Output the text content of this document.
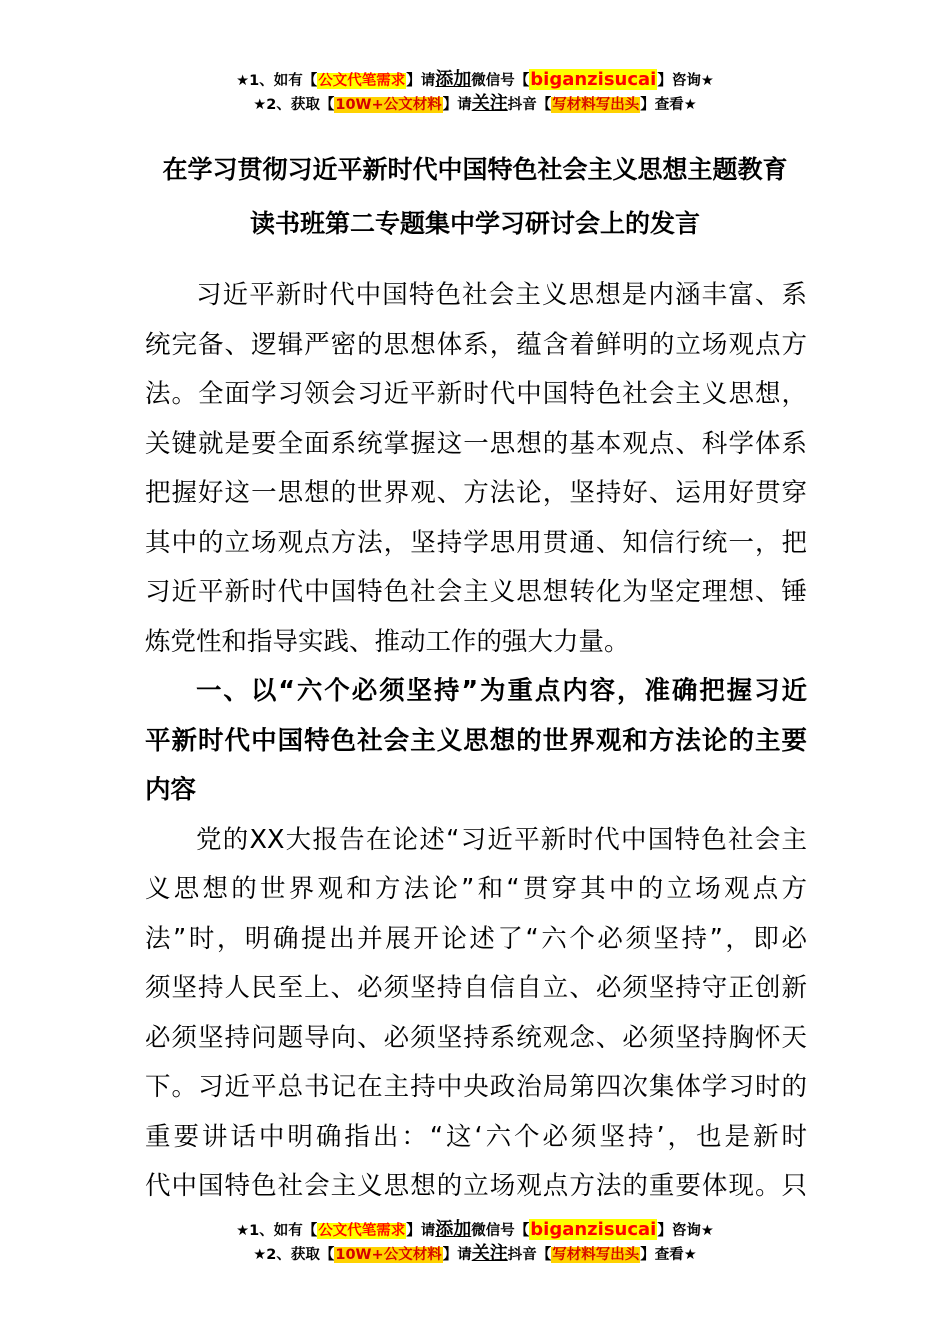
★1、如有【公文代笔需求】请添加微信号【biganzisucai】咨询★
★2、获取【10W+公文材料】请关注抖音【写材料写出头】查看★
在学习贯彻习近平新时代中国特色社会主义思想主题教育
读书班第二专题集中学习研讨会上的发言
习近平新时代中国特色社会主义思想是内涵丰富、系
统完备、逻辑严密的思想体系，蕴含着鲜明的立场观点方
法。全面学习领会习近平新时代中国特色社会主义思想，
关键就是要全面系统掌握这一思想的基本观点、科学体系
把握好这一思想的世界观、方法论，坚持好、运用好贯穿
其中的立场观点方法，坚持学思用贯通、知信行统一，把
习近平新时代中国特色社会主义思想转化为坚定理想、锤
炼党性和指导实践、推动工作的强大力量。
一、以“六个必须坚持”为重点内容，准确把握习近
平新时代中国特色社会主义思想的世界观和方法论的主要
内容
党的XX大报告在论述“习近平新时代中国特色社会主
义思想的世界观和方法论”和“贯穿其中的立场观点方
法”时，明确提出并展开论述了“六个必须坚持”，即必
须坚持人民至上、必须坚持自信自立、必须坚持守正创新
必须坚持问题导向、必须坚持系统观念、必须坚持胸怀天
下。习近平总书记在主持中央政治局第四次集体学习时的
重要讲话中明确指出：“这‘六个必须坚持’，也是新时
代中国特色社会主义思想的立场观点方法的重要体现。只
★1、如有【公文代笔需求】请添加微信号【biganzisucai】咨询★
★2、获取【10W+公文材料】请关注抖音【写材料写出头】查看★
